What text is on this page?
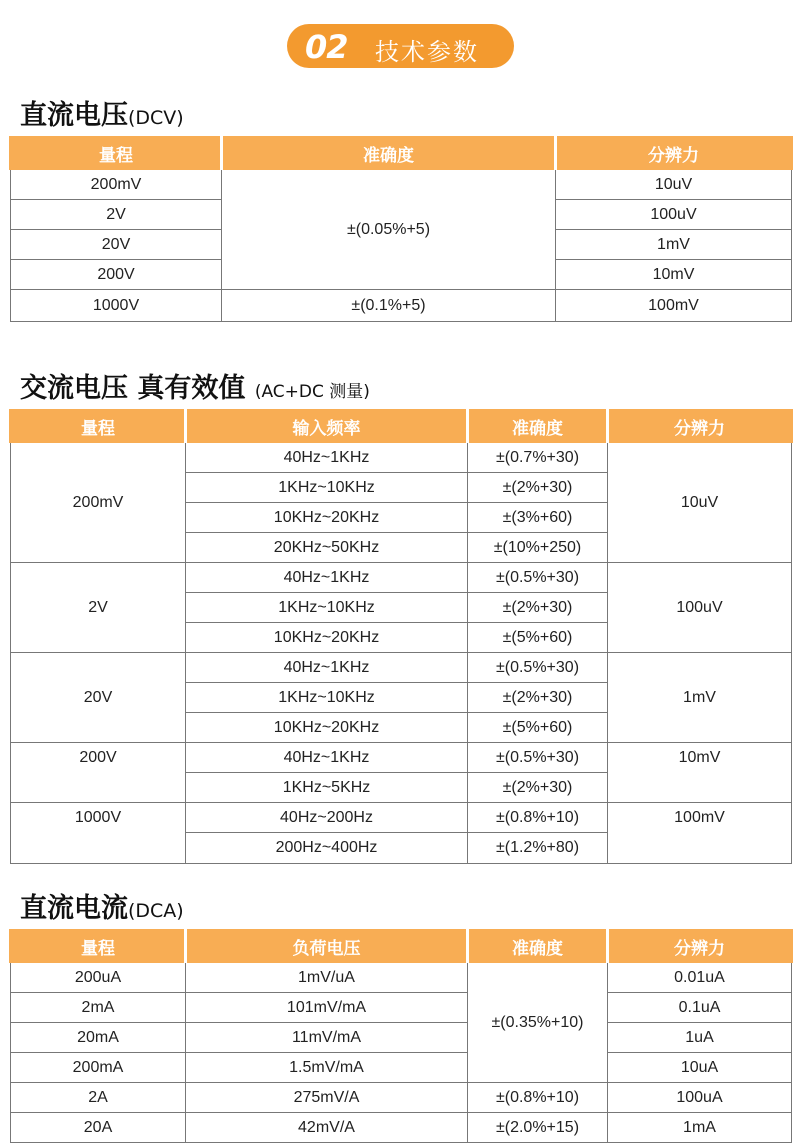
02 技术参数
直流电压(DCV)
量程	准确度	分辨力
200mV	±(0.05%+5)	10uV
2V		100uV
20V		1mV
200V		10mV
1000V	±(0.1%+5)	100mV
交流电压 真有效值 (AC+DC 测量)
量程	输入频率	准确度	分辨力
200mV	40Hz~1KHz	±(0.7%+30)	10uV
	1KHz~10KHz	±(2%+30)	
	10KHz~20KHz	±(3%+60)	
	20KHz~50KHz	±(10%+250)	
2V	40Hz~1KHz	±(0.5%+30)	100uV
	1KHz~10KHz	±(2%+30)	
	10KHz~20KHz	±(5%+60)	
20V	40Hz~1KHz	±(0.5%+30)	1mV
	1KHz~10KHz	±(2%+30)	
	10KHz~20KHz	±(5%+60)	
200V	40Hz~1KHz	±(0.5%+30)	10mV
	1KHz~5KHz	±(2%+30)	
1000V	40Hz~200Hz	±(0.8%+10)	100mV
	200Hz~400Hz	±(1.2%+80)	
直流电流(DCA)
量程	负荷电压	准确度	分辨力
200uA	1mV/uA	±(0.35%+10)	0.01uA
2mA	101mV/mA		0.1uA
20mA	11mV/mA		1uA
200mA	1.5mV/mA		10uA
2A	275mV/A	±(0.8%+10)	100uA
20A	42mV/A	±(2.0%+15)	1mA
